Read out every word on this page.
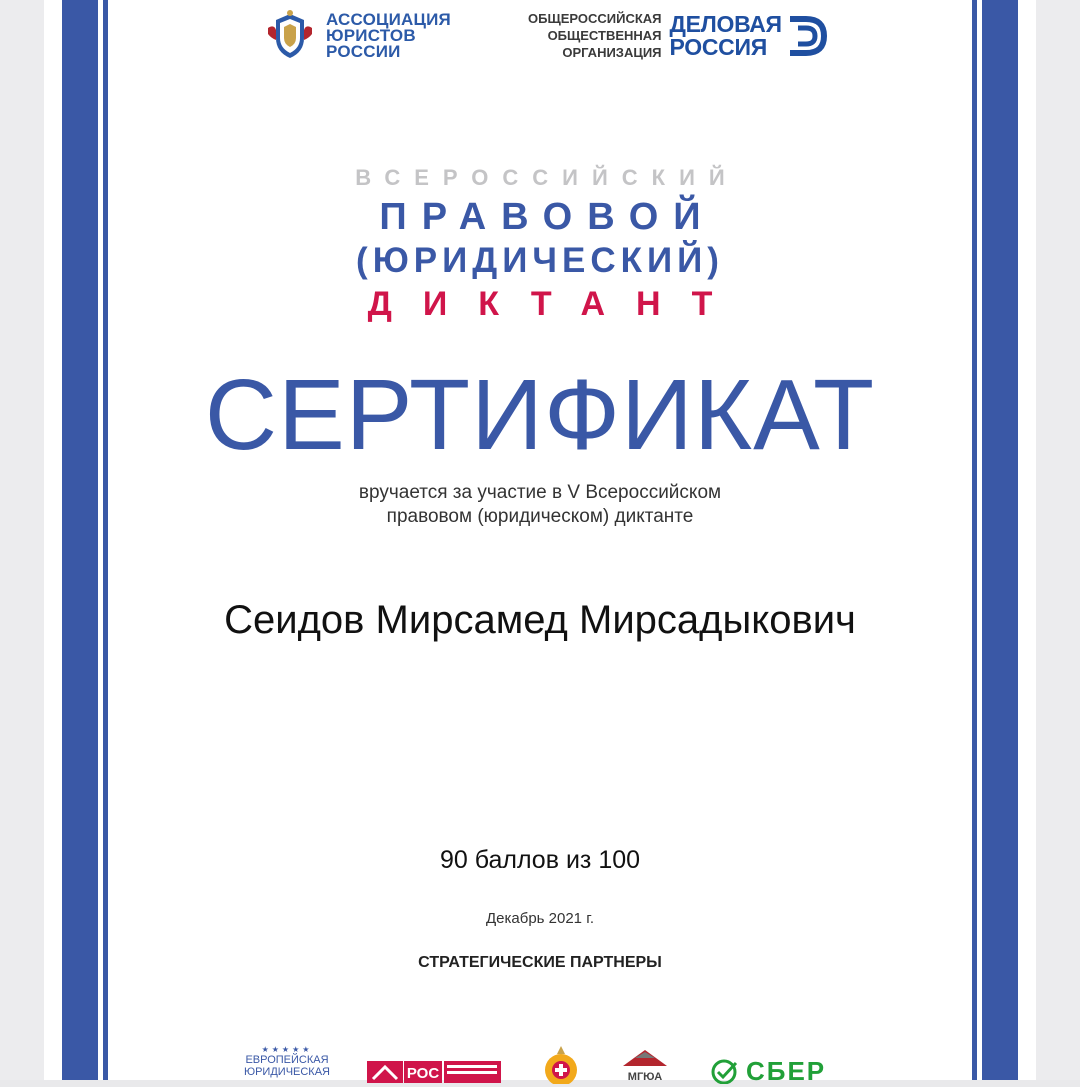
АССОЦИАЦИЯ
ЮРИСТОВ
РОССИИ
ОБЩЕРОССИЙСКАЯ
ОБЩЕСТВЕННАЯ
ОРГАНИЗАЦИЯ
ДЕЛОВАЯ
РОССИЯ
ВСЕРОССИЙСКИЙ
ПРАВОВОЙ
(ЮРИДИЧЕСКИЙ)
ДИКТАНТ
СЕРТИФИКАТ
вручается за участие в V Всероссийском
правовом (юридическом) диктанте
Сеидов Мирсамед Мирсадыкович
90 баллов из 100
Декабрь 2021 г.
СТРАТЕГИЧЕСКИЕ ПАРТНЕРЫ
★★★★★
ЕВРОПЕЙСКАЯ
ЮРИДИЧЕСКАЯ	РОС	МГЮА	СБЕР
